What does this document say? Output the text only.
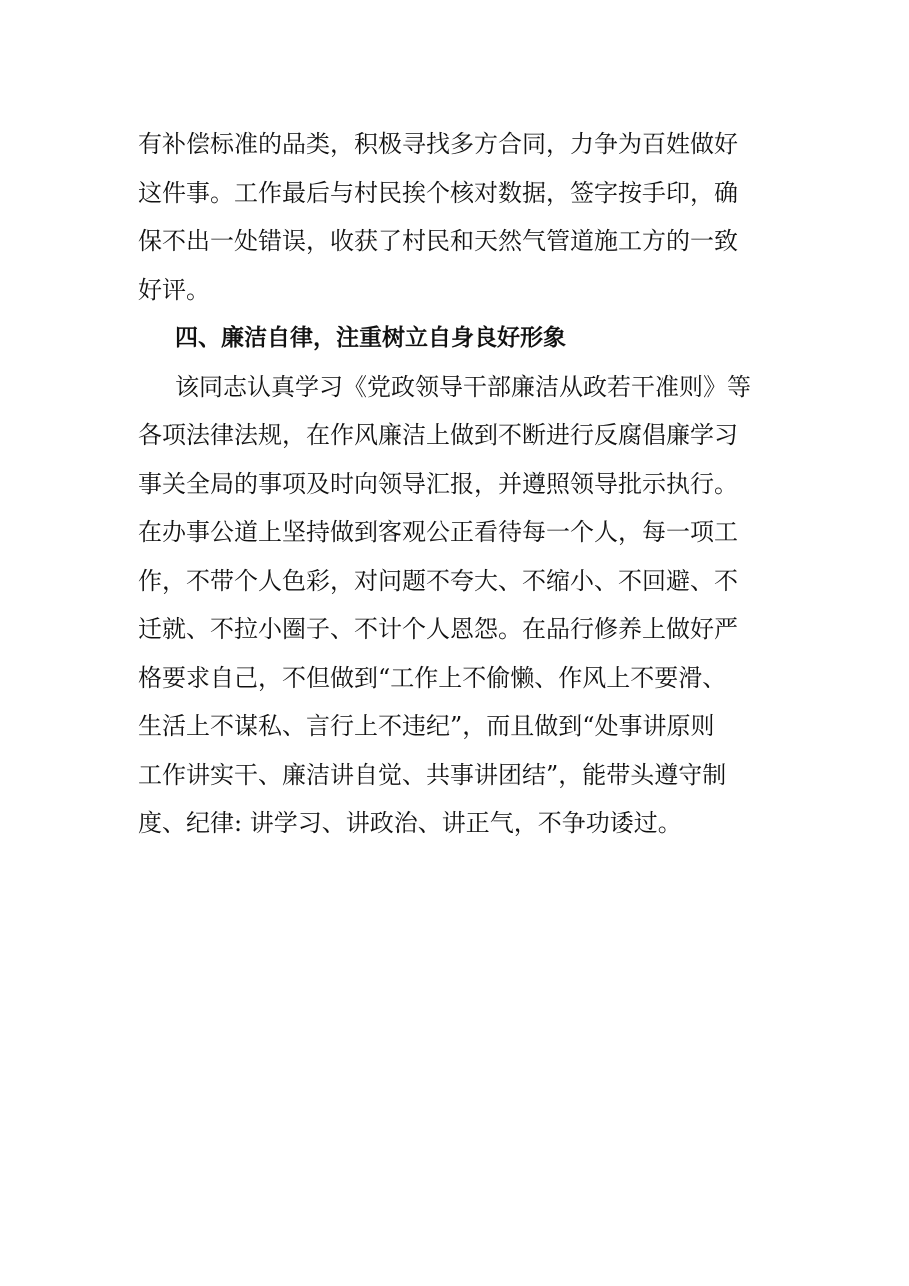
有补偿标准的品类，积极寻找多方合同，力争为百姓做好
这件事。工作最后与村民挨个核对数据，签字按手印，确
保不出一处错误，收获了村民和天然气管道施工方的一致
好评。
四、廉洁自律，注重树立自身良好形象
该同志认真学习《党政领导干部廉洁从政若干准则》等
各项法律法规，在作风廉洁上做到不断进行反腐倡廉学习
事关全局的事项及时向领导汇报，并遵照领导批示执行。
在办事公道上坚持做到客观公正看待每一个人，每一项工
作，不带个人色彩，对问题不夸大、不缩小、不回避、不
迁就、不拉小圈子、不计个人恩怨。在品行修养上做好严
格要求自己，不但做到“工作上不偷懒、作风上不要滑、
生活上不谋私、言行上不违纪”，而且做到“处事讲原则
工作讲实干、廉洁讲自觉、共事讲团结”，能带头遵守制
度、纪律: 讲学习、讲政治、讲正气，不争功诿过。
